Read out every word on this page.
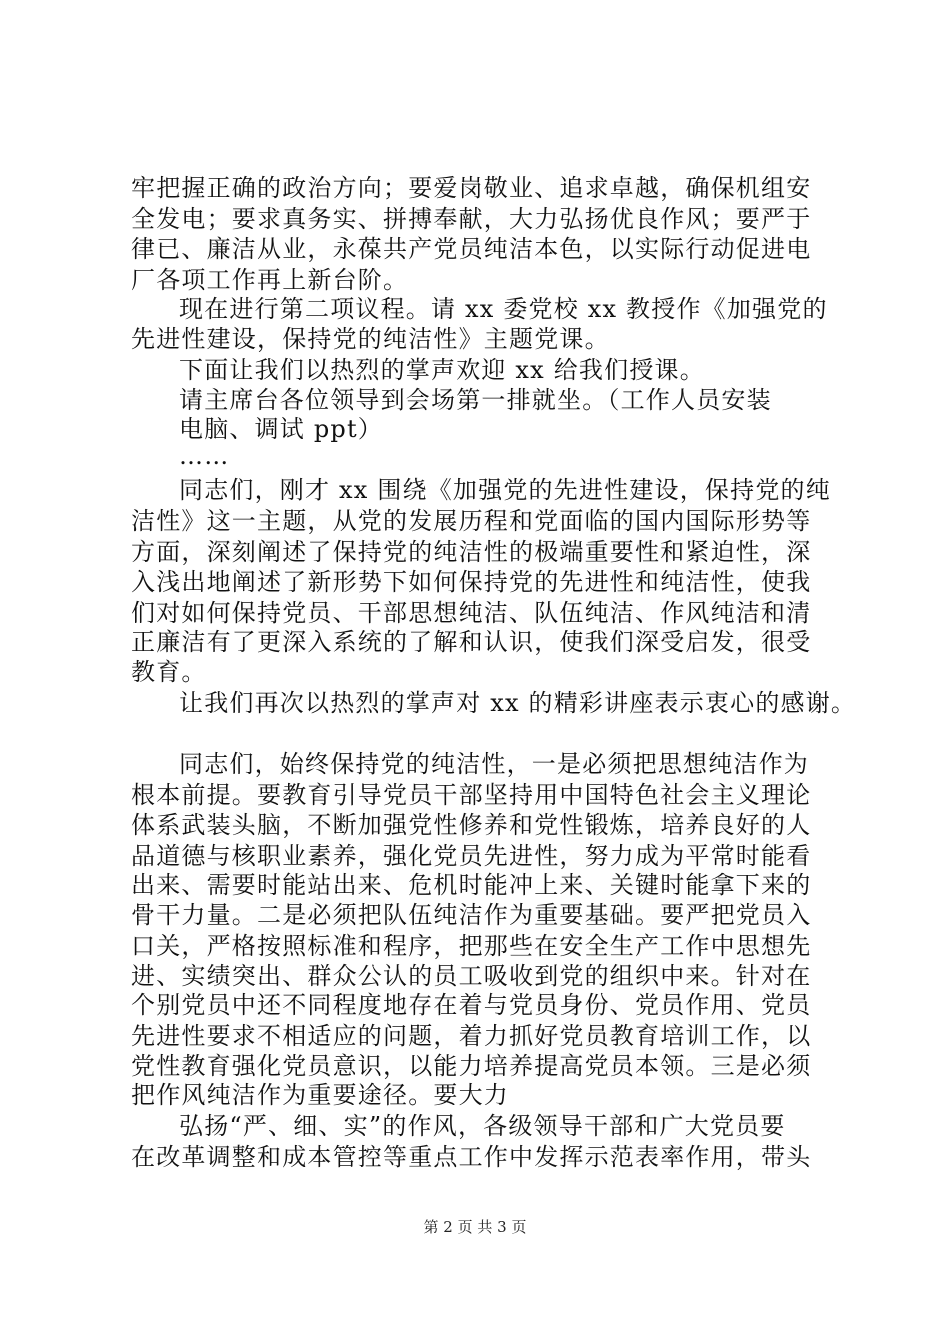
牢把握正确的政治方向；要爱岗敬业、追求卓越，确保机组安
全发电；要求真务实、拼搏奉献，大力弘扬优良作风；要严于
律已、廉洁从业，永葆共产党员纯洁本色，以实际行动促进电
厂各项工作再上新台阶。
现在进行第二项议程。请 xx 委党校 xx 教授作《加强党的
先进性建设，保持党的纯洁性》主题党课。
下面让我们以热烈的掌声欢迎 xx 给我们授课。
请主席台各位领导到会场第一排就坐。（工作人员安装
电脑、调试 ppt）
……
同志们，刚才 xx 围绕《加强党的先进性建设，保持党的纯
洁性》这一主题，从党的发展历程和党面临的国内国际形势等
方面，深刻阐述了保持党的纯洁性的极端重要性和紧迫性，深
入浅出地阐述了新形势下如何保持党的先进性和纯洁性，使我
们对如何保持党员、干部思想纯洁、队伍纯洁、作风纯洁和清
正廉洁有了更深入系统的了解和认识，使我们深受启发，很受
教育。
让我们再次以热烈的掌声对 xx 的精彩讲座表示衷心的感谢。
同志们，始终保持党的纯洁性，一是必须把思想纯洁作为
根本前提。要教育引导党员干部坚持用中国特色社会主义理论
体系武装头脑，不断加强党性修养和党性锻炼，培养良好的人
品道德与核职业素养，强化党员先进性，努力成为平常时能看
出来、需要时能站出来、危机时能冲上来、关键时能拿下来的
骨干力量。二是必须把队伍纯洁作为重要基础。要严把党员入
口关，严格按照标准和程序，把那些在安全生产工作中思想先
进、实绩突出、群众公认的员工吸收到党的组织中来。针对在
个别党员中还不同程度地存在着与党员身份、党员作用、党员
先进性要求不相适应的问题，着力抓好党员教育培训工作，以
党性教育强化党员意识，以能力培养提高党员本领。三是必须
把作风纯洁作为重要途径。要大力
弘扬“严、细、实”的作风，各级领导干部和广大党员要
在改革调整和成本管控等重点工作中发挥示范表率作用，带头
第 2 页 共 3 页
